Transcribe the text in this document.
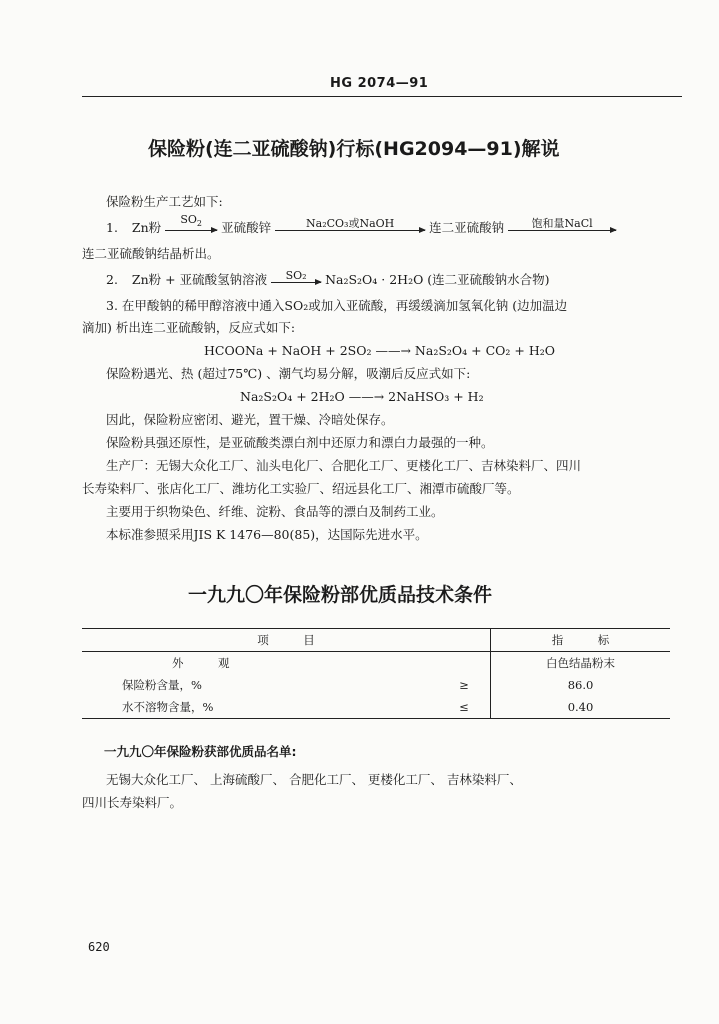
HG 2074—91
保险粉(连二亚硫酸钠)行标(HG2094—91)解说
保险粉生产工艺如下:
1. Zn粉
$SO_2$	亚硫酸锌	Na₂CO₃或NaOH	连二亚硫酸钠	饱和量NaCl
连二亚硫酸钠结晶析出。
2. Zn粉 + 亚硫酸氢钠溶液	SO₂	Na₂S₂O₄ · 2H₂O (连二亚硫酸钠水合物)
3. 在甲酸钠的稀甲醇溶液中通入SO₂或加入亚硫酸，再缓缓滴加氢氧化钠 (边加温边
滴加) 析出连二亚硫酸钠，反应式如下:
HCOONa + NaOH + 2SO₂ ——→ Na₂S₂O₄ + CO₂ + H₂O
保险粉遇光、热 (超过75℃) 、潮气均易分解，吸潮后反应式如下:
Na₂S₂O₄ + 2H₂O ——→ 2NaHSO₃ + H₂
因此，保险粉应密闭、避光，置干燥、冷暗处保存。
保险粉具强还原性，是亚硫酸类漂白剂中还原力和漂白力最强的一种。
生产厂：无锡大众化工厂、汕头电化厂、合肥化工厂、更楼化工厂、吉林染料厂、四川
长寿染料厂、张店化工厂、潍坊化工实验厂、绍远县化工厂、湘潭市硫酸厂等。
主要用于织物染色、纤维、淀粉、食品等的漂白及制药工业。
本标准参照采用JIS K 1476—80(85)，达国际先进水平。
一九九〇年保险粉部优质品技术条件
项　　　目		指　　　标
外　　　观		白色结晶粉末
保险粉含量，%	≥	86.0
水不溶物含量，%	≤	0.40
一九九〇年保险粉获部优质品名单:
无锡大众化工厂、 上海硫酸厂、 合肥化工厂、 更楼化工厂、 吉林染料厂、
四川长寿染料厂。
620
